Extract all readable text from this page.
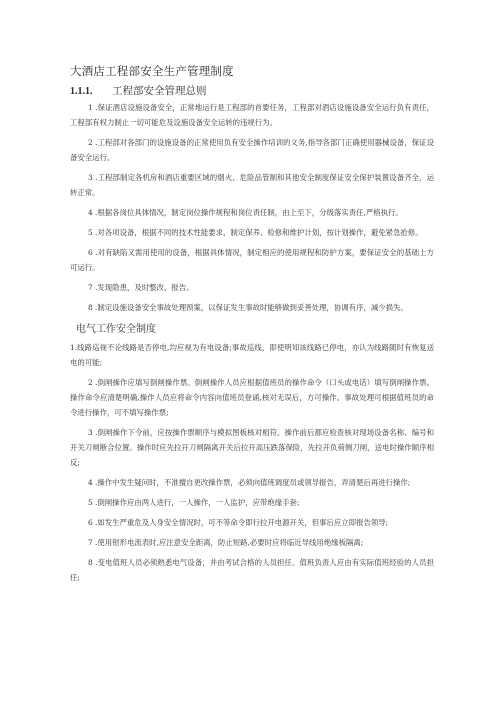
大酒店工程部安全生产管理制度
1.1.1. 工程部安全管理总则

1 .保证酒店设施设备安全，正常地运行是工程部的首要任务，工程部对酒店设施设备安全运行负有责任，工程部有权力制止一切可能危及设施设备安全运转的违规行为。

2 .工程部对各部门的设施设备的正常使用负有安全操作培训的义务,指导各部门正确使用器械设备，保证设备安全运行。

3 .工程部制定各机房和酒店重要区域的烟火、危险品管制和其他安全制度保证安全保护装置设备齐全，运转正常。

4 .根据各岗位具体情况，制定岗位操作规程和岗位责任制，由上至下，分级落实责任,严格执行。

5 .对各项设备，根据不同的技术性能要求，制定保养、检修和维护计划，按计划操作，避免紧急抢修。

6 .对有缺陷又需用使用的设备，根据具体情况，制定相应的使用规程和防护方案，要保证安全的基础上方可运行。

7 .发现隐患，及时整改、报告。

8 .制定设施设备安全事故处理预案，以保证发生事故时能够做到妥善处理，协调有序，减少损失。

电气工作安全制度

1.线路巡视不论线路是否停电,均应视为有电设备;事故巡线，即使明知该线路已停电，亦认为线路随时有恢复送电的可能;

2 .倒闸操作应填写倒闸操作票。倒闸操作人员应根据值班员的操作命令（口头或电话）填写倒闸操作票。操作命令应清楚明确,操作人员应将命令内容向值班员登诵,核对无误后，方可操作。事故处理可根据值班员的命令进行操作，可不填写操作票;

3 .倒闸操作下令前，应按操作票顺序与模拟图板核对相符。操作前后都应检查核对现场设备名称、编号和开关刀闸断合位置。操作时应先拉开刀闸隔离开关后拉开高压跌落保险，先拉开负荷侧刀闸，送电时操作顺序相反;

4 .操作中发生疑问时，不准擅自更改操作票，必须向值班调度员或领导报告，弄清楚后再进行操作;

5 .倒闸操作应由两人进行，一人操作，一人监护，应带绝缘手套;

6 .如发生严重危及人身安全情况时，可不等命令即行拉开电源开关，但事后应立即报告领导;

7 .使用钳形电流表时,应注意安全距离，防止短路,必要时应将临近导线用绝缘板隔离;

8 .变电值班人员必须熟悉电气设备，并由考试合格的人员担任。值班负责人应由有实际值班经验的人员担任;
